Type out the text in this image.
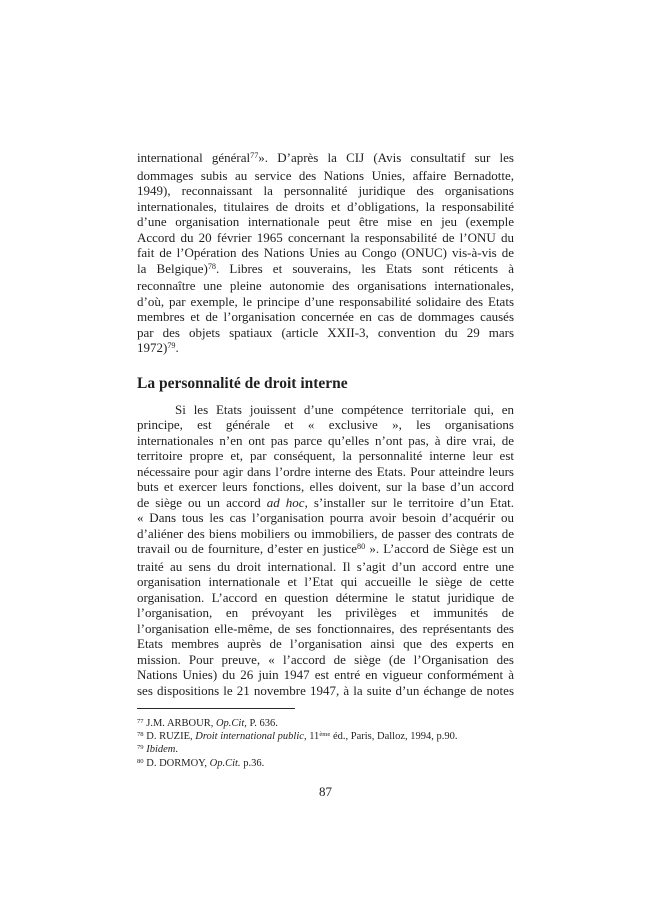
international général$^{77}$». D’après la CIJ (Avis consultatif sur les
dommages subis au service des Nations Unies, affaire Bernadotte,
1949), reconnaissant la personnalité juridique des organisations
internationales, titulaires de droits et d’obligations, la responsabilité
d’une organisation internationale peut être mise en jeu (exemple
Accord du 20 février 1965 concernant la responsabilité de l’ONU du
fait de l’Opération des Nations Unies au Congo (ONUC) vis-à-vis de
la Belgique)$^{78}$. Libres et souverains, les Etats sont réticents à
reconnaître une pleine autonomie des organisations internationales,
d’où, par exemple, le principe d’une responsabilité solidaire des Etats
membres et de l’organisation concernée en cas de dommages causés
par des objets spatiaux (article XXII-3, convention du 29 mars
1972)$^{79}$.
La personnalité de droit interne
Si les Etats jouissent d’une compétence territoriale qui, en
principe, est générale et « exclusive », les organisations
internationales n’en ont pas parce qu’elles n’ont pas, à dire vrai, de
territoire propre et, par conséquent, la personnalité interne leur est
nécessaire pour agir dans l’ordre interne des Etats. Pour atteindre leurs
buts et exercer leurs fonctions, elles doivent, sur la base d’un accord
de siège ou un accord ad hoc, s’installer sur le territoire d’un Etat.
« Dans tous les cas l’organisation pourra avoir besoin d’acquérir ou
d’aliéner des biens mobiliers ou immobiliers, de passer des contrats de
travail ou de fourniture, d’ester en justice$^{80}$ ». L’accord de Siège est un
traité au sens du droit international. Il s’agit d’un accord entre une
organisation internationale et l’Etat qui accueille le siège de cette
organisation. L’accord en question détermine le statut juridique de
l’organisation, en prévoyant les privilèges et immunités de
l’organisation elle-même, de ses fonctionnaires, des représentants des
Etats membres auprès de l’organisation ainsi que des experts en
mission. Pour preuve, « l’accord de siège (de l’Organisation des
Nations Unies) du 26 juin 1947 est entré en vigueur conformément à
ses dispositions le 21 novembre 1947, à la suite d’un échange de notes
$^{77}$ J.M. ARBOUR, Op.Cit, P. 636.
$^{78}$ D. RUZIE, Droit international public, 11ème éd., Paris, Dalloz, 1994, p.90.
$^{79}$ Ibidem.
$^{80}$ D. DORMOY, Op.Cit. p.36.
87
